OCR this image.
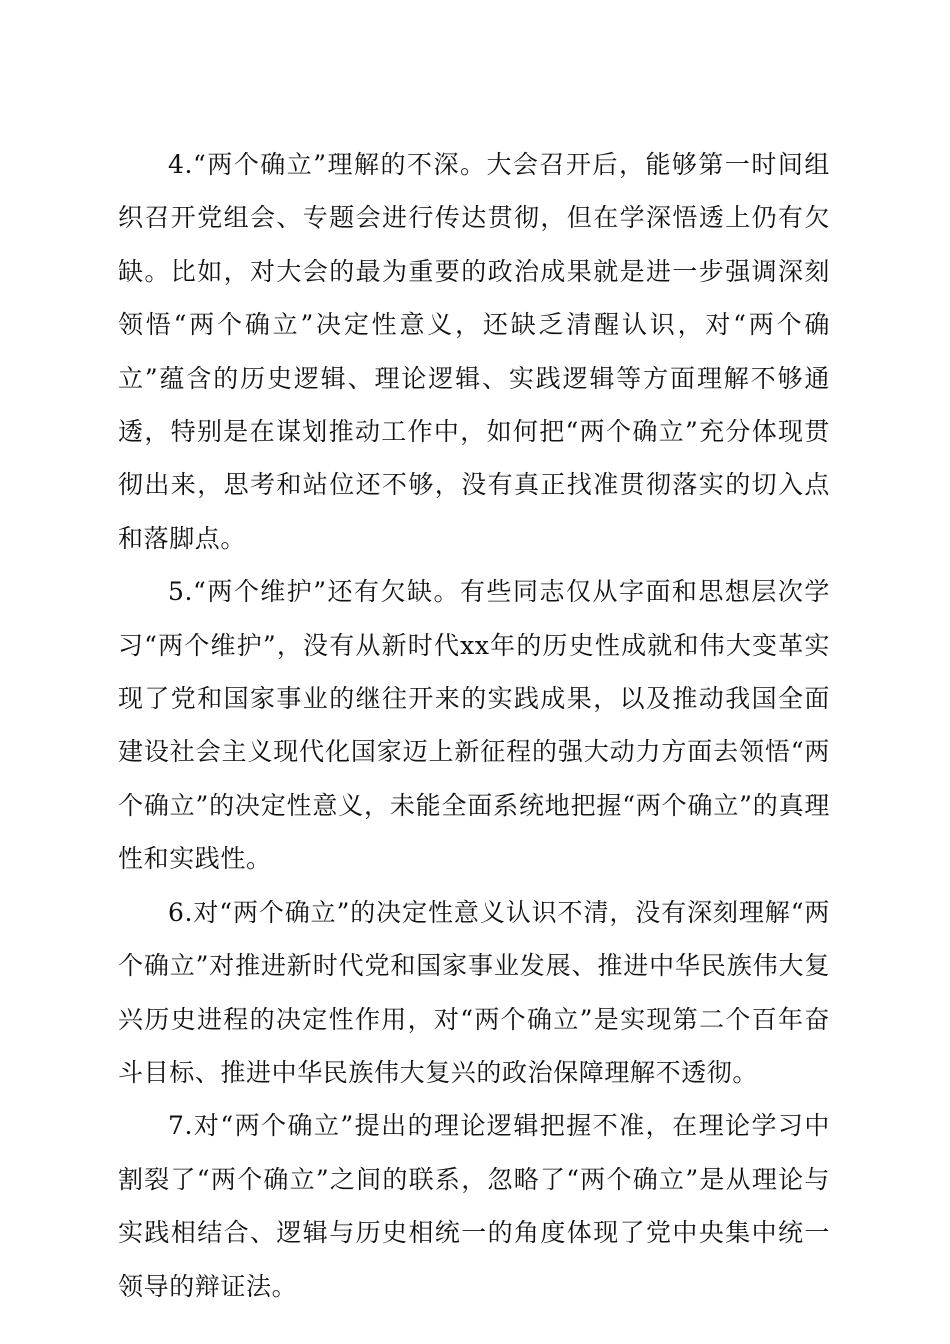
4.“两个确立”理解的不深。大会召开后，能够第一时间组织召开党组会、专题会进行传达贯彻，但在学深悟透上仍有欠缺。比如，对大会的最为重要的政治成果就是进一步强调深刻领悟“两个确立”决定性意义，还缺乏清醒认识，对“两个确立”蕴含的历史逻辑、理论逻辑、实践逻辑等方面理解不够通透，特别是在谋划推动工作中，如何把“两个确立”充分体现贯彻出来，思考和站位还不够，没有真正找准贯彻落实的切入点和落脚点。

5.“两个维护”还有欠缺。有些同志仅从字面和思想层次学习“两个维护”，没有从新时代xx年的历史性成就和伟大变革实现了党和国家事业的继往开来的实践成果，以及推动我国全面建设社会主义现代化国家迈上新征程的强大动力方面去领悟“两个确立”的决定性意义，未能全面系统地把握“两个确立”的真理性和实践性。

6.对“两个确立”的决定性意义认识不清，没有深刻理解“两个确立”对推进新时代党和国家事业发展、推进中华民族伟大复兴历史进程的决定性作用，对“两个确立”是实现第二个百年奋斗目标、推进中华民族伟大复兴的政治保障理解不透彻。

7.对“两个确立”提出的理论逻辑把握不准，在理论学习中割裂了“两个确立”之间的联系，忽略了“两个确立”是从理论与实践相结合、逻辑与历史相统一的角度体现了党中央集中统一领导的辩证法。
